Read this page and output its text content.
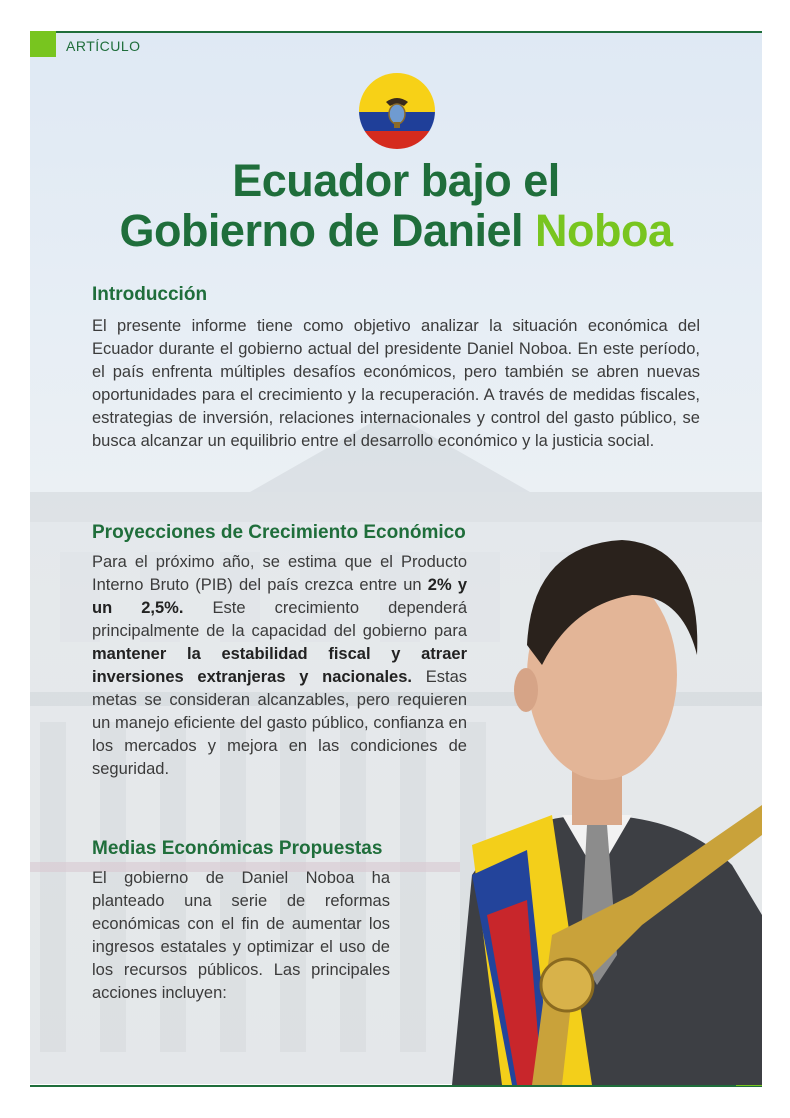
ARTÍCULO
Ecuador bajo el
Gobierno de Daniel Noboa
Introducción

El presente informe tiene como objetivo analizar la situación económica del Ecuador durante el gobierno actual del presidente Daniel Noboa. En este período, el país enfrenta múltiples desafíos económicos, pero también se abren nuevas oportunidades para el crecimiento y la recuperación. A través de medidas fiscales, estrategias de inversión, relaciones internacionales y control del gasto público, se busca alcanzar un equilibrio entre el desarrollo económico y la justicia social.

Proyecciones de Crecimiento Económico

Para el próximo año, se estima que el Producto Interno Bruto (PIB) del país crezca entre un 2% y un 2,5%. Este crecimiento dependerá principalmente de la capacidad del gobierno para mantener la estabilidad fiscal y atraer inversiones extranjeras y nacionales. Estas metas se consideran alcanzables, pero requieren un manejo eficiente del gasto público, confianza en los mercados y mejora en las condiciones de seguridad.

Medias Económicas Propuestas

El gobierno de Daniel Noboa ha planteado una serie de reformas económicas con el fin de aumentar los ingresos estatales y optimizar el uso de los recursos públicos. Las principales acciones incluyen:
